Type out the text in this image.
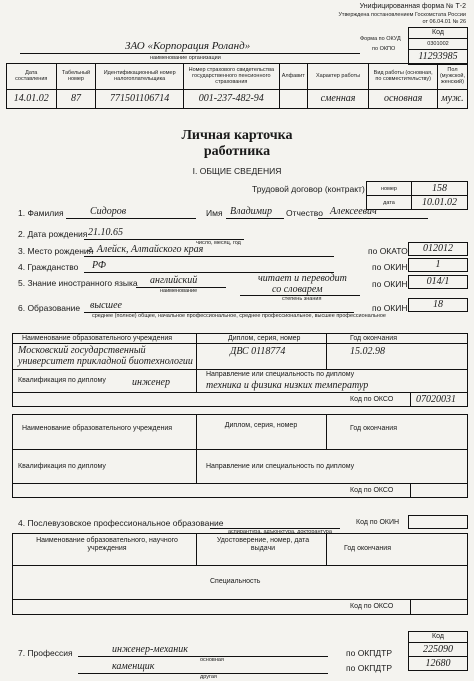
Унифицированная форма № Т-2
Утверждена постановлением Госкомстата России
от 06.04.01 № 26
Код
0301002
11293985
Форма по ОКУД
по ОКПО
ЗАО «Корпорация Роланд»
наименование организации
Дата составления	Табельный номер	Идентификационный номер налогоплательщика	Номер страхового свидетельства государственного пенсионного страхования	Алфавит	Характер работы	Вид работы (основная, по совместительству)	Пол (мужской, женский)
14.01.02	87	771501106714	001-237-482-94		сменная	основная	муж.
Личная карточка
работника
I. ОБЩИЕ СВЕДЕНИЯ
Трудовой договор (контракт)	номер	158
дата	10.01.02
1. Фамилия	Сидоров	Имя Владимир Отчество Алексеевич
2. Дата рождения 21.10.65
число, месяц, год
3. Место рождения
г. Алейск, Алтайского края	по ОКАТО	012012
4. Гражданство РФ	по ОКИН	1
5. Знание иностранного языка английский
наименование
читает и переводит
со словарем
степень знания
по ОКИН	014/1
6. Образование высшее
среднее (полное) общее, начальное профессиональное, среднее профессиональное, высшее профессиональное
по ОКИН	18
Наименование образовательного учреждения	Диплом, серия, номер	Год окончания
Московский государственный
университет прикладной биотехнологии
ДВС 0118774	15.02.98
Квалификация по диплому	инженер
Направление или специальность по диплому
техника и физика низких температур
Код по ОКСО 07020031
Наименование образовательного учреждения	Диплом, серия, номер	Год окончания
Квалификация по диплому	Направление или специальность по диплому
Код по ОКСО
4. Послевузовское профессиональное образование
аспирантура, адъюнктура, докторантура
Код по ОКИН
Наименование образовательного, научного учреждения
Удостоверение, номер, дата выдачи	Год окончания
Специальность
Код по ОКСО
7. Профессия	инженер-механик
основная
каменщик
другая
по ОКПДТР
по ОКПДТР
Код
225090
12680
